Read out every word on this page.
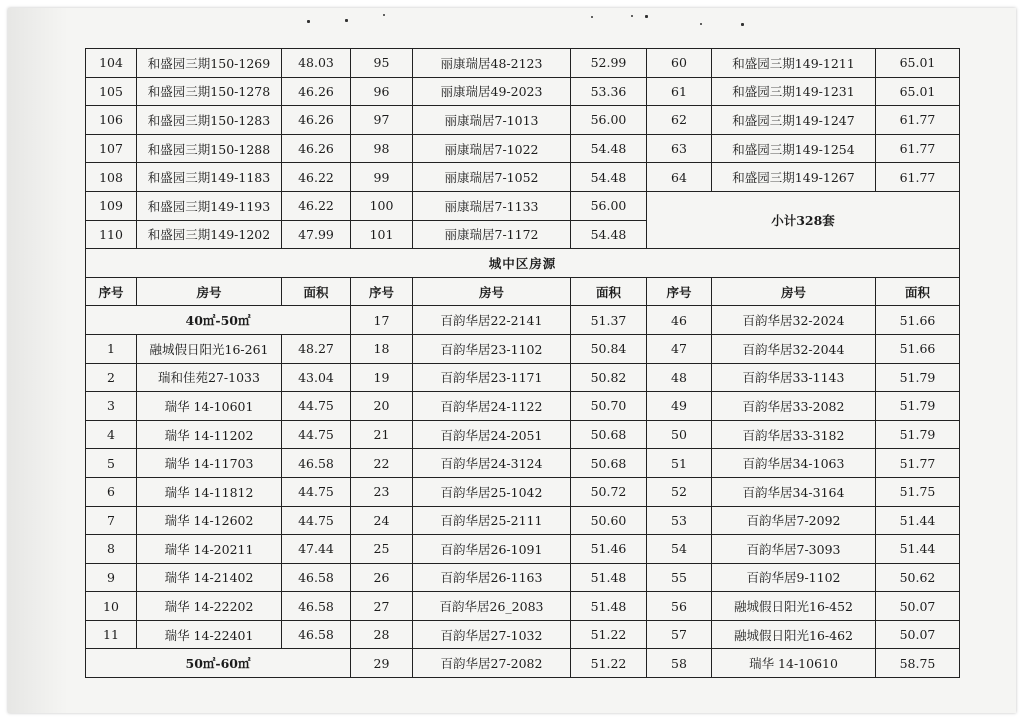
104	和盛园三期150-1269	48.03	95	丽康瑞居48-2123	52.99	60	和盛园三期149-1211	65.01
105	和盛园三期150-1278	46.26	96	丽康瑞居49-2023	53.36	61	和盛园三期149-1231	65.01
106	和盛园三期150-1283	46.26	97	丽康瑞居7-1013	56.00	62	和盛园三期149-1247	61.77
107	和盛园三期150-1288	46.26	98	丽康瑞居7-1022	54.48	63	和盛园三期149-1254	61.77
108	和盛园三期149-1183	46.22	99	丽康瑞居7-1052	54.48	64	和盛园三期149-1267	61.77
109	和盛园三期149-1193	46.22	100	丽康瑞居7-1133	56.00	小计328套		
110	和盛园三期149-1202	47.99	101	丽康瑞居7-1172	54.48			
城中区房源								
序号	房号	面积	序号	房号	面积	序号	房号	面积
40㎡-50㎡			17	百韵华居22-2141	51.37	46	百韵华居32-2024	51.66
1	融城假日阳光16-261	48.27	18	百韵华居23-1102	50.84	47	百韵华居32-2044	51.66
2	瑞和佳苑27-1033	43.04	19	百韵华居23-1171	50.82	48	百韵华居33-1143	51.79
3	瑞华 14-10601	44.75	20	百韵华居24-1122	50.70	49	百韵华居33-2082	51.79
4	瑞华 14-11202	44.75	21	百韵华居24-2051	50.68	50	百韵华居33-3182	51.79
5	瑞华 14-11703	46.58	22	百韵华居24-3124	50.68	51	百韵华居34-1063	51.77
6	瑞华 14-11812	44.75	23	百韵华居25-1042	50.72	52	百韵华居34-3164	51.75
7	瑞华 14-12602	44.75	24	百韵华居25-2111	50.60	53	百韵华居7-2092	51.44
8	瑞华 14-20211	47.44	25	百韵华居26-1091	51.46	54	百韵华居7-3093	51.44
9	瑞华 14-21402	46.58	26	百韵华居26-1163	51.48	55	百韵华居9-1102	50.62
10	瑞华 14-22202	46.58	27	百韵华居26_2083	51.48	56	融城假日阳光16-452	50.07
11	瑞华 14-22401	46.58	28	百韵华居27-1032	51.22	57	融城假日阳光16-462	50.07
50㎡-60㎡			29	百韵华居27-2082	51.22	58	瑞华 14-10610	58.75
